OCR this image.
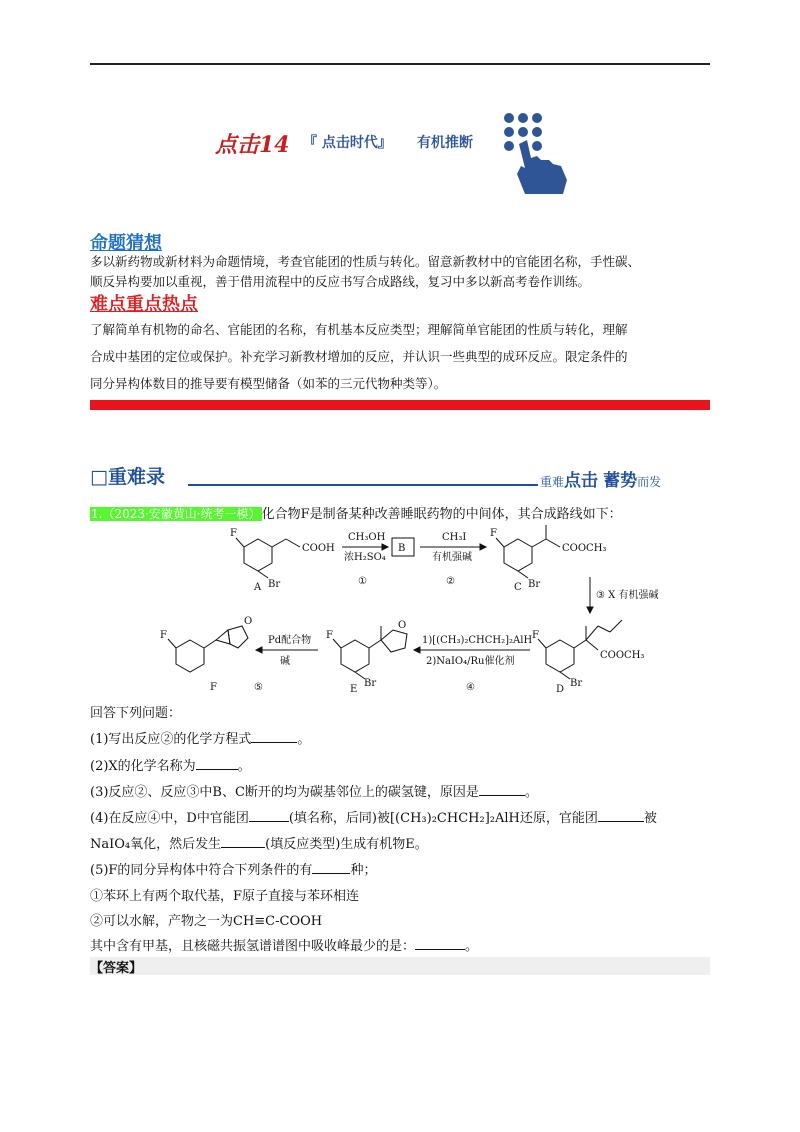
点击14 『 点击时代』 有机推断
命题猜想
多以新药物或新材料为命题情境，考查官能团的性质与转化。留意新教材中的官能团名称，手性碳、
顺反异构要加以重视，善于借用流程中的反应书写合成路线，复习中多以新高考卷作训练。
难点重点热点
了解简单有机物的命名、官能团的名称，有机基本反应类型；理解简单官能团的性质与转化，理解
合成中基团的定位或保护。补充学习新教材增加的反应，并认识一些典型的成环反应。限定条件的
同分异构体数目的推导要有模型储备（如苯的三元代物种类等）。
□重难录	重难点击 蓄势而发
1.（2023·安徽黄山·统考一模）化合物F是制备某种改善睡眠药物的中间体，其合成路线如下：
F
COOH
Br
A
CH₃OH
浓H₂SO₄
①
B
CH₃I
有机强碱
②
F
COOCH₃
Br
C
③ X 有机强碱
F
COOCH₃
Br
D
1)[(CH₃)₂CHCH₂]₂AlH
2)NaIO₄/Ru催化剂
④
F
O
Br
E
Pd配合物
碱
⑤
F
O
F
回答下列问题：
(1)写出反应②的化学方程式	。
(2)X的化学名称为	。
(3)反应②、反应③中B、C断开的均为碳基邻位上的碳氢键，原因是	。
(4)在反应④中，D中官能团	(填名称，后同)被[(CH₃)₂CHCH₂]₂AlH还原，官能团	被
NaIO₄氧化，然后发生	(填反应类型)生成有机物E。
(5)F的同分异构体中符合下列条件的有	种；
①苯环上有两个取代基，F原子直接与苯环相连
②可以水解，产物之一为CH≡C-COOH
其中含有甲基，且核磁共振氢谱谱图中吸收峰最少的是：	。
【答案】
